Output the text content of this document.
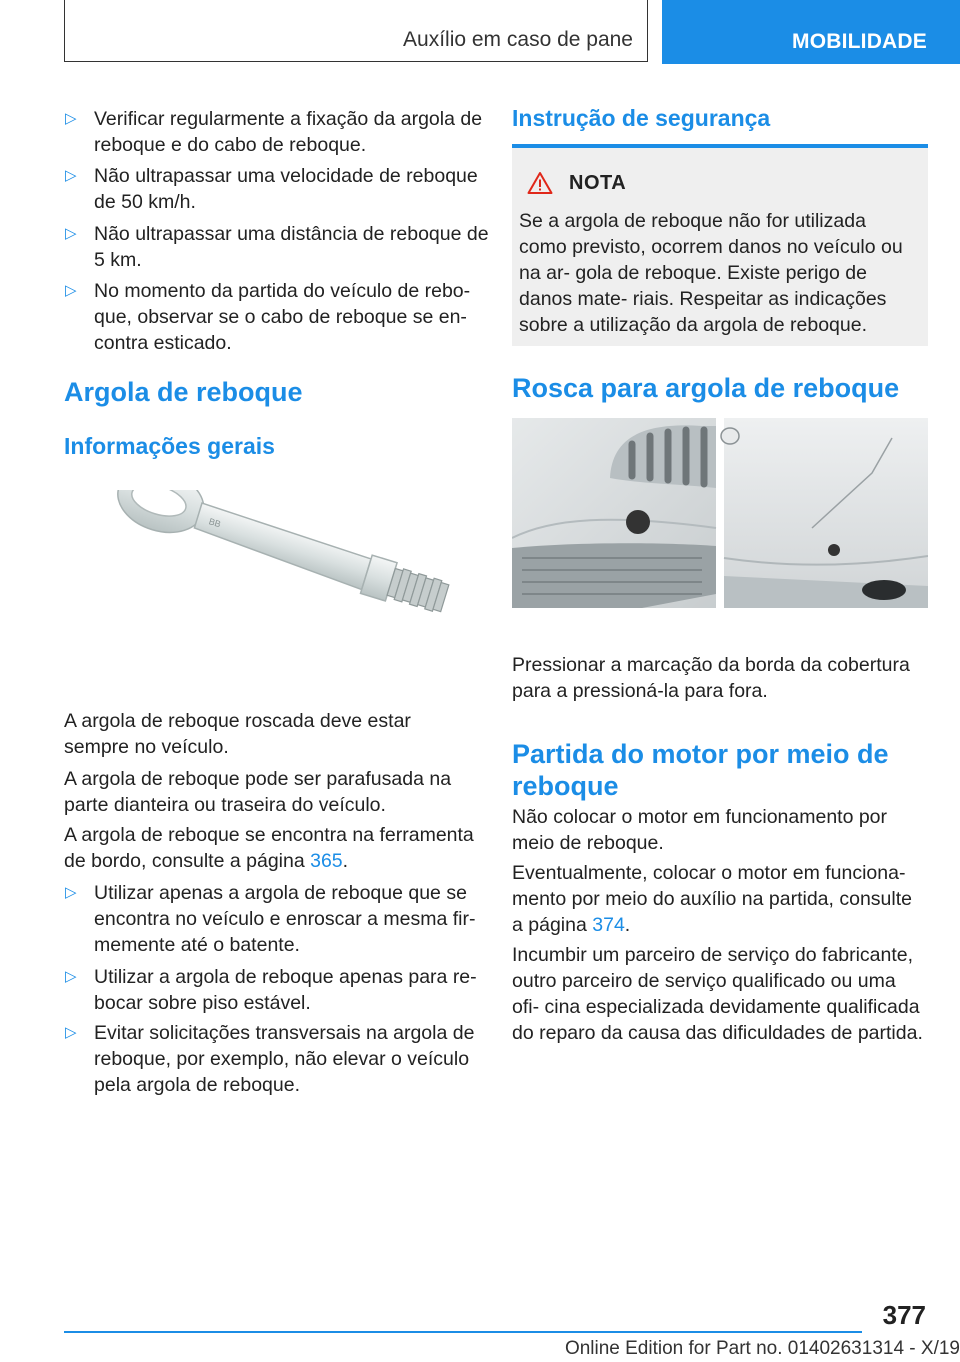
Auxílio em caso de pane	MOBILIDADE
▷ Verificar regularmente a fixação da argola de reboque e do cabo de reboque.
▷ Não ultrapassar uma velocidade de reboque de 50 km/h.
▷ Não ultrapassar uma distância de reboque de 5 km.
▷ No momento da partida do veículo de rebo‐ que, observar se o cabo de reboque se en‐ contra esticado.
Argola de reboque
Informações gerais
BB

A argola de reboque roscada deve estar sempre no veículo.

A argola de reboque pode ser parafusada na parte dianteira ou traseira do veículo.

A argola de reboque se encontra na ferramenta de bordo, consulte a página 365.

▷ Utilizar apenas a argola de reboque que se encontra no veículo e enroscar a mesma fir‐ memente até o batente.
▷ Utilizar a argola de reboque apenas para re‐ bocar sobre piso estável.
▷ Evitar solicitações transversais na argola de reboque, por exemplo, não elevar o veículo pela argola de reboque.
Instrução de segurança
NOTA

Se a argola de reboque não for utilizada como previsto, ocorrem danos no veículo ou na ar‐ gola de reboque. Existe perigo de danos mate‐ riais. Respeitar as indicações sobre a utilização da argola de reboque.

Rosca para argola de reboque

Pressionar a marcação da borda da cobertura para a pressioná-la para fora.

Partida do motor por meio de reboque

Não colocar o motor em funcionamento por meio de reboque.

Eventualmente, colocar o motor em funciona‐ mento por meio do auxílio na partida, consulte a página 374.

Incumbir um parceiro de serviço do fabricante, outro parceiro de serviço qualificado ou uma ofi‐ cina especializada devidamente qualificada do reparo da causa das dificuldades de partida.

377
Online Edition for Part no. 01402631314 - X/19
